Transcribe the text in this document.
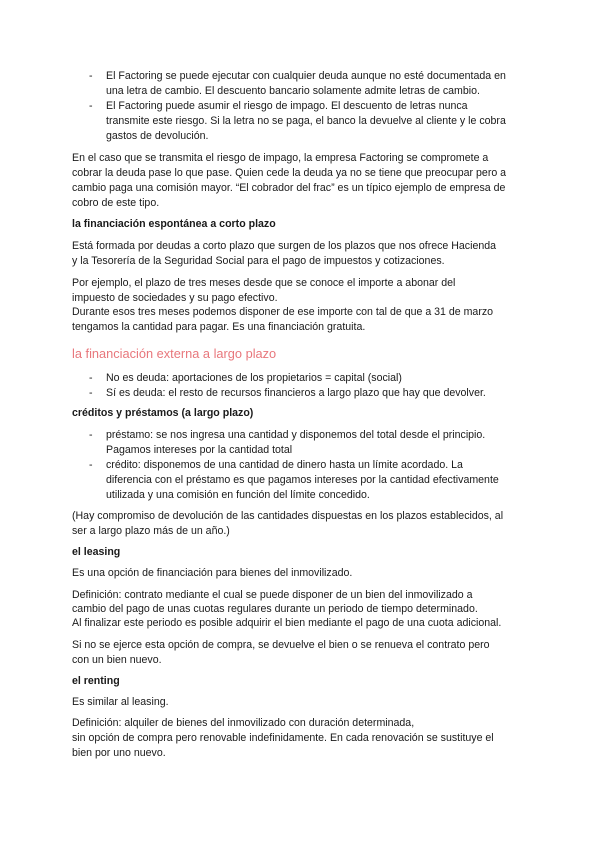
- El Factoring se puede ejecutar con cualquier deuda aunque no esté documentada en
una letra de cambio. El descuento bancario solamente admite letras de cambio.
- El Factoring puede asumir el riesgo de impago. El descuento de letras nunca
transmite este riesgo. Si la letra no se paga, el banco la devuelve al cliente y le cobra
gastos de devolución.
En el caso que se transmita el riesgo de impago, la empresa Factoring se compromete a
cobrar la deuda pase lo que pase. Quien cede la deuda ya no se tiene que preocupar pero a
cambio paga una comisión mayor. “El cobrador del frac” es un típico ejemplo de empresa de
cobro de este tipo.
la financiación espontánea a corto plazo
Está formada por deudas a corto plazo que surgen de los plazos que nos ofrece Hacienda
y la Tesorería de la Seguridad Social para el pago de impuestos y cotizaciones.
Por ejemplo, el plazo de tres meses desde que se conoce el importe a abonar del
impuesto de sociedades y su pago efectivo.
Durante esos tres meses podemos disponer de ese importe con tal de que a 31 de marzo
tengamos la cantidad para pagar. Es una financiación gratuita.
la financiación externa a largo plazo
- No es deuda: aportaciones de los propietarios = capital (social)
- Sí es deuda: el resto de recursos financieros a largo plazo que hay que devolver.
créditos y préstamos (a largo plazo)
- préstamo: se nos ingresa una cantidad y disponemos del total desde el principio.
Pagamos intereses por la cantidad total
- crédito: disponemos de una cantidad de dinero hasta un límite acordado. La
diferencia con el préstamo es que pagamos intereses por la cantidad efectivamente
utilizada y una comisión en función del límite concedido.
(Hay compromiso de devolución de las cantidades dispuestas en los plazos establecidos, al
ser a largo plazo más de un año.)
el leasing
Es una opción de financiación para bienes del inmovilizado.
Definición: contrato mediante el cual se puede disponer de un bien del inmovilizado a
cambio del pago de unas cuotas regulares durante un periodo de tiempo determinado.
Al finalizar este periodo es posible adquirir el bien mediante el pago de una cuota adicional.
Si no se ejerce esta opción de compra, se devuelve el bien o se renueva el contrato pero
con un bien nuevo.
el renting
Es similar al leasing.
Definición: alquiler de bienes del inmovilizado con duración determinada,
sin opción de compra pero renovable indefinidamente. En cada renovación se sustituye el
bien por uno nuevo.
